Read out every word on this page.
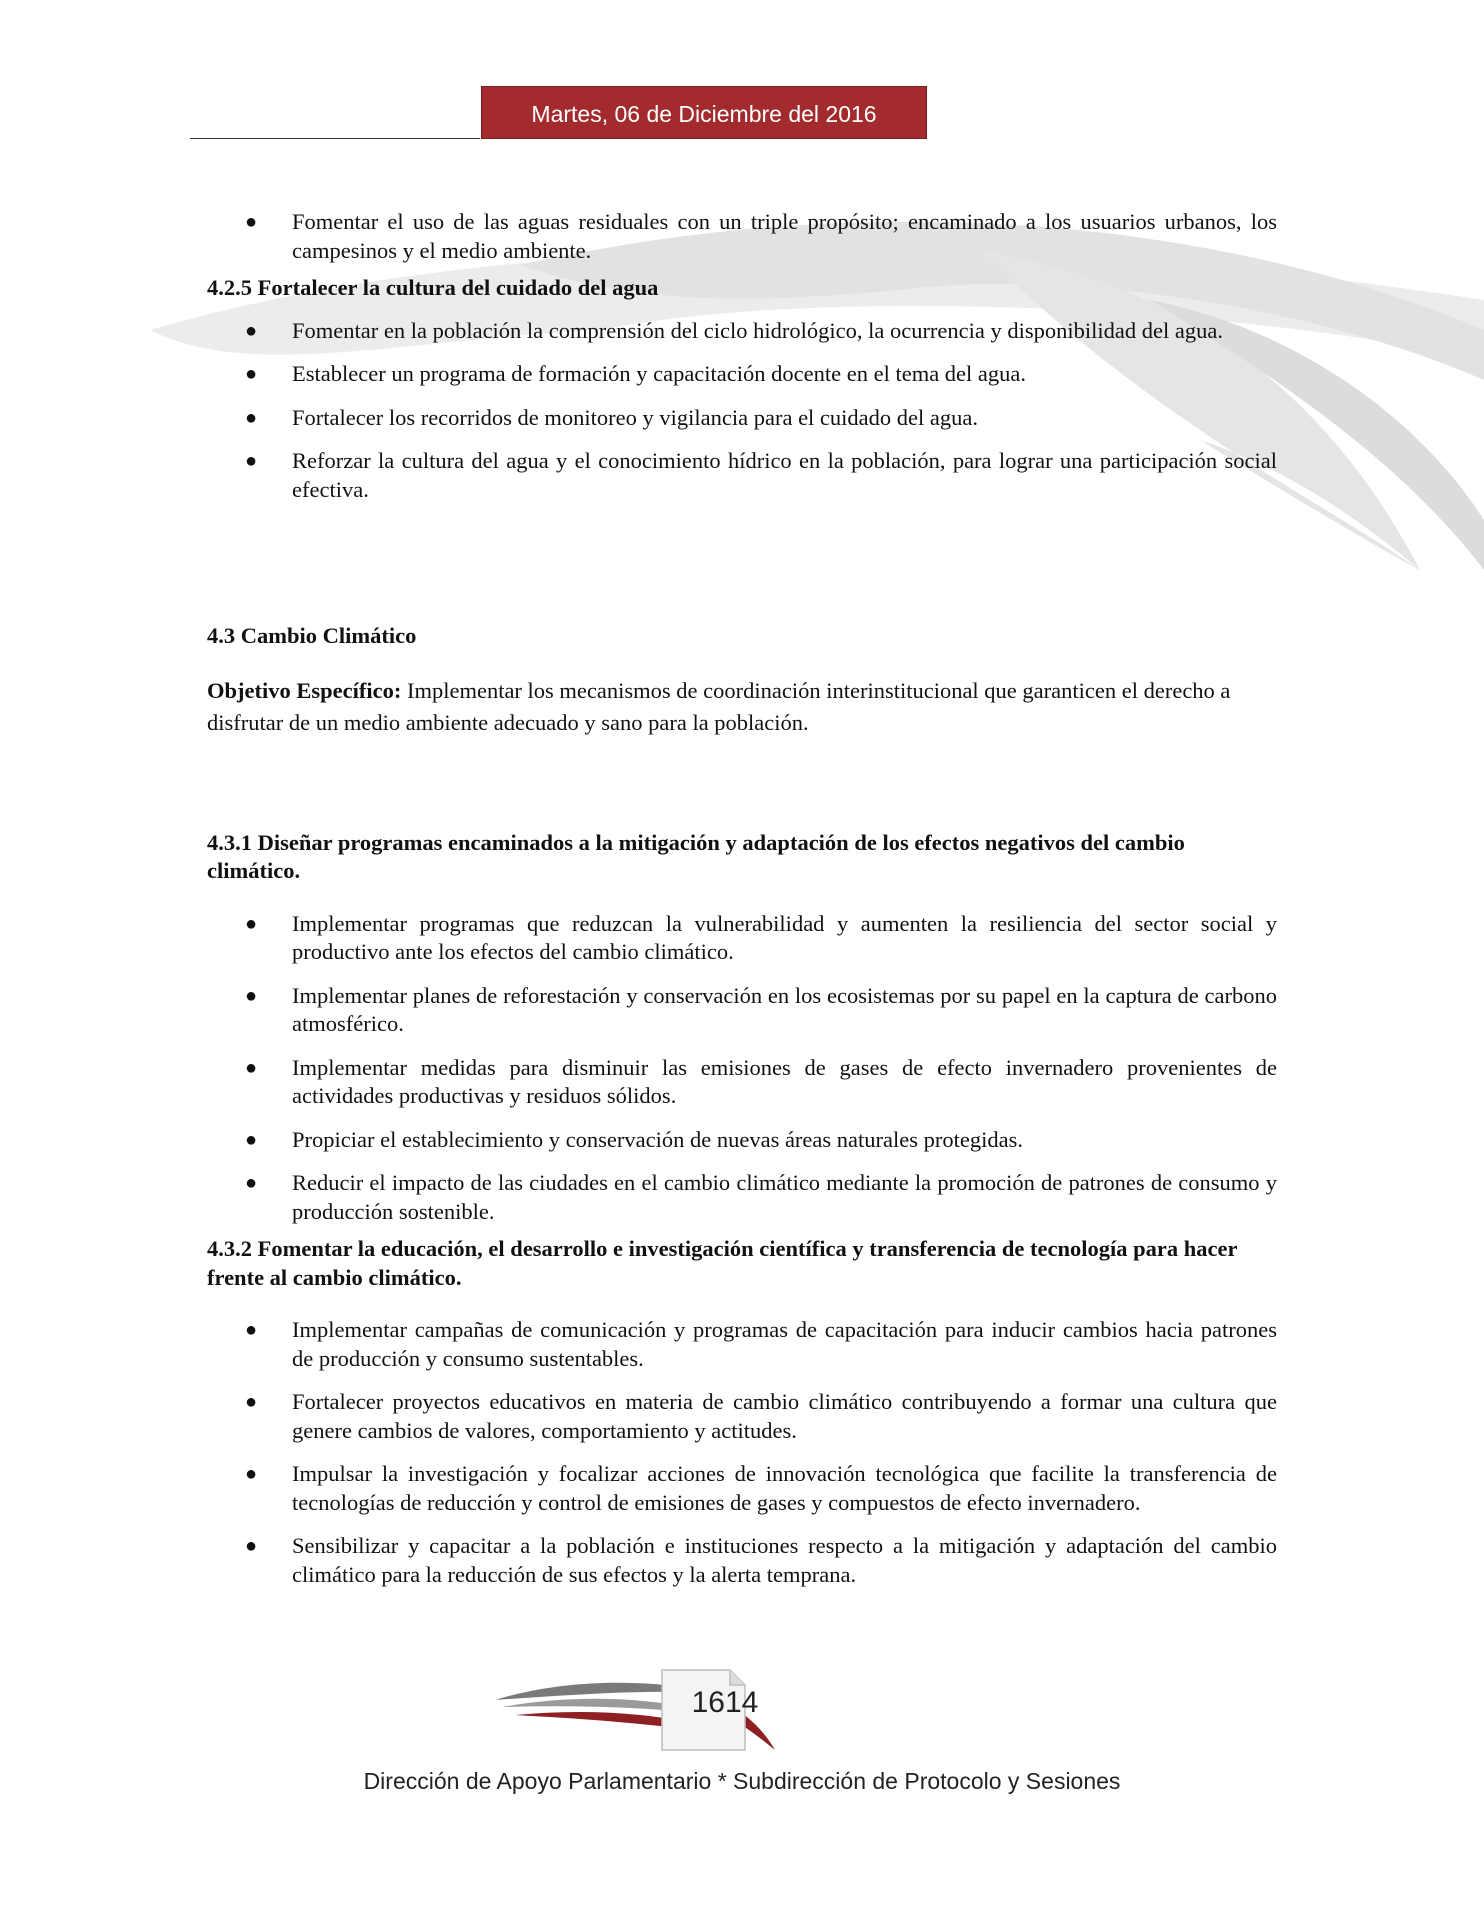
Martes, 06 de Diciembre del 2016
● Fomentar el uso de las aguas residuales con un triple propósito; encaminado a los usuarios urbanos, los campesinos y el medio ambiente.

4.2.5 Fortalecer la cultura del cuidado del agua

● Fomentar en la población la comprensión del ciclo hidrológico, la ocurrencia y disponibilidad del agua.
● Establecer un programa de formación y capacitación docente en el tema del agua.
● Fortalecer los recorridos de monitoreo y vigilancia para el cuidado del agua.
● Reforzar la cultura del agua y el conocimiento hídrico en la población, para lograr una participación social efectiva.

4.3 Cambio Climático

Objetivo Específico: Implementar los mecanismos de coordinación interinstitucional que garanticen el derecho a disfrutar de un medio ambiente adecuado y sano para la población.

4.3.1 Diseñar programas encaminados a la mitigación y adaptación de los efectos negativos del cambio climático.

● Implementar programas que reduzcan la vulnerabilidad y aumenten la resiliencia del sector social y productivo ante los efectos del cambio climático.
● Implementar planes de reforestación y conservación en los ecosistemas por su papel en la captura de carbono atmosférico.
● Implementar medidas para disminuir las emisiones de gases de efecto invernadero provenientes de actividades productivas y residuos sólidos.
● Propiciar el establecimiento y conservación de nuevas áreas naturales protegidas.
● Reducir el impacto de las ciudades en el cambio climático mediante la promoción de patrones de consumo y producción sostenible.

4.3.2 Fomentar la educación, el desarrollo e investigación científica y transferencia de tecnología para hacer frente al cambio climático.

● Implementar campañas de comunicación y programas de capacitación para inducir cambios hacia patrones de producción y consumo sustentables.
● Fortalecer proyectos educativos en materia de cambio climático contribuyendo a formar una cultura que genere cambios de valores, comportamiento y actitudes.
● Impulsar la investigación y focalizar acciones de innovación tecnológica que facilite la transferencia de tecnologías de reducción y control de emisiones de gases y compuestos de efecto invernadero.
● Sensibilizar y capacitar a la población e instituciones respecto a la mitigación y adaptación del cambio climático para la reducción de sus efectos y la alerta temprana.
1614
Dirección de Apoyo Parlamentario * Subdirección de Protocolo y Sesiones
